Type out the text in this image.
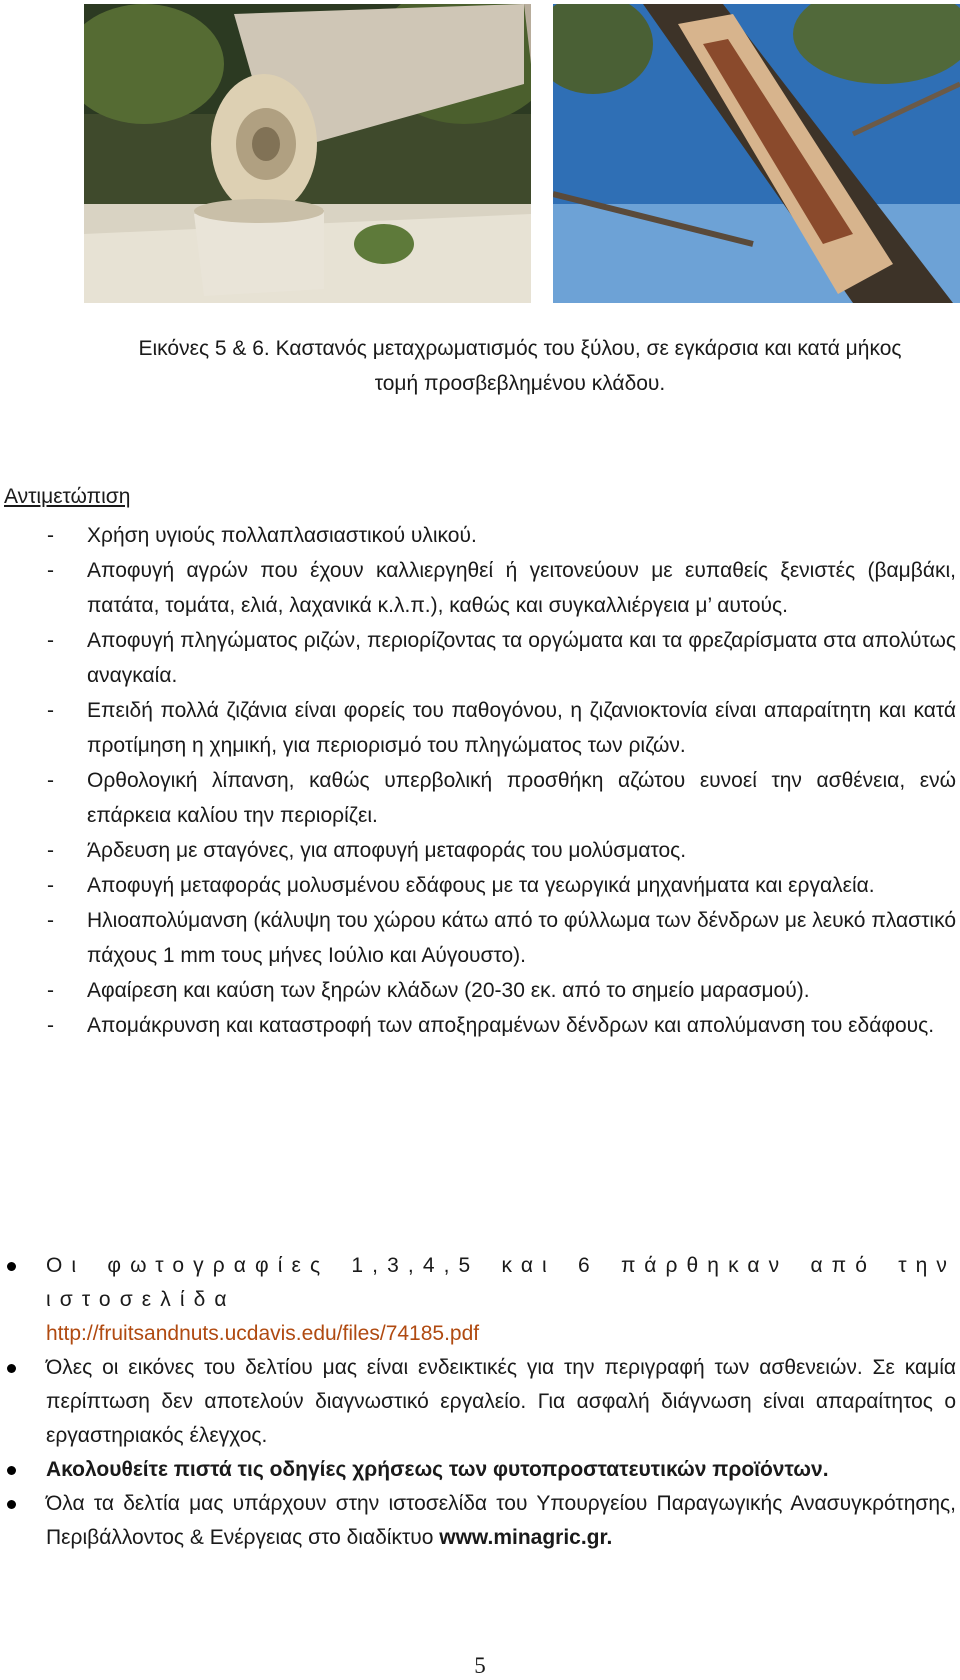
Εικόνες 5 & 6. Καστανός μεταχρωματισμός του ξύλου, σε εγκάρσια και κατά μήκος
τομή προσβεβλημένου κλάδου.
Αντιμετώπιση
- Χρήση υγιούς πολλαπλασιαστικού υλικού.
- Αποφυγή αγρών που έχουν καλλιεργηθεί ή γειτονεύουν με ευπαθείς ξενιστές (βαμβάκι, πατάτα, τομάτα, ελιά, λαχανικά κ.λ.π.), καθώς και συγκαλλιέργεια μ’ αυτούς.
- Αποφυγή πληγώματος ριζών, περιορίζοντας τα οργώματα και τα φρεζαρίσματα στα απολύτως αναγκαία.
- Επειδή πολλά ζιζάνια είναι φορείς του παθογόνου, η ζιζανιοκτονία είναι απαραίτητη και κατά προτίμηση η χημική, για περιορισμό του πληγώματος των ριζών.
- Ορθολογική λίπανση, καθώς υπερβολική προσθήκη αζώτου ευνοεί την ασθένεια, ενώ επάρκεια καλίου την περιορίζει.
- Άρδευση με σταγόνες, για αποφυγή μεταφοράς του μολύσματος.
- Αποφυγή μεταφοράς μολυσμένου εδάφους με τα γεωργικά μηχανήματα και εργαλεία.
- Ηλιοαπολύμανση (κάλυψη του χώρου κάτω από το φύλλωμα των δένδρων με λευκό πλαστικό πάχους 1 mm τους μήνες Ιούλιο και Αύγουστο).
- Αφαίρεση και καύση των ξηρών κλάδων (20-30 εκ. από το σημείο μαρασμού).
- Απομάκρυνση και καταστροφή των αποξηραμένων δένδρων και απολύμανση του εδάφους.
Οι φωτογραφίες 1,3,4,5 και 6 πάρθηκαν από την ιστοσελίδα
http://fruitsandnuts.ucdavis.edu/files/74185.pdf
Όλες οι εικόνες του δελτίου μας είναι ενδεικτικές για την περιγραφή των ασθενειών. Σε καμία περίπτωση δεν αποτελούν διαγνωστικό εργαλείο. Για ασφαλή διάγνωση είναι απαραίτητος ο εργαστηριακός έλεγχος.
Ακολουθείτε πιστά τις οδηγίες χρήσεως των φυτοπροστατευτικών προϊόντων.
Όλα τα δελτία μας υπάρχουν στην ιστοσελίδα του Υπουργείου Παραγωγικής Ανασυγκρότησης, Περιβάλλοντος & Ενέργειας στο διαδίκτυο www.minagric.gr.
5
